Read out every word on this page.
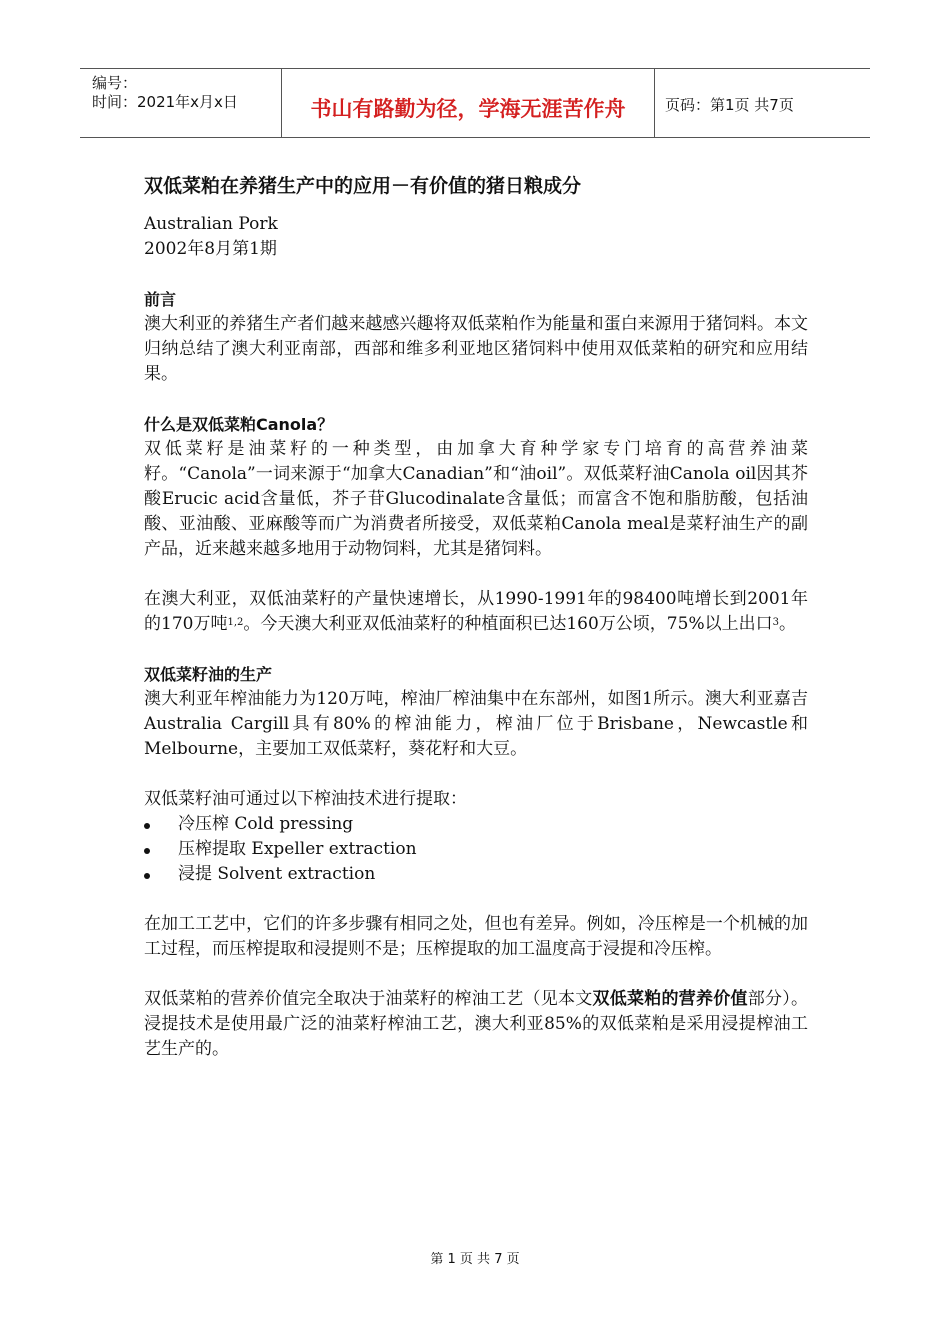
编号：
时间：2021年x月x日	书山有路勤为径，学海无涯苦作舟	页码：第1页 共7页
双低菜粕在养猪生产中的应用－有价值的猪日粮成分
Australian Pork
2002年8月第1期
前言
澳大利亚的养猪生产者们越来越感兴趣将双低菜粕作为能量和蛋白来源用于猪饲料。本文归纳总结了澳大利亚南部，西部和维多利亚地区猪饲料中使用双低菜粕的研究和应用结果。
什么是双低菜粕Canola？
双低菜籽是油菜籽的一种类型，由加拿大育种学家专门培育的高营养油菜籽。“Canola”一词来源于“加拿大Canadian”和“油oil”。双低菜籽油Canola oil因其芥酸Erucic acid含量低，芥子苷Glucodinalate含量低；而富含不饱和脂肪酸，包括油酸、亚油酸、亚麻酸等而广为消费者所接受，双低菜粕Canola meal是菜籽油生产的副产品，近来越来越多地用于动物饲料，尤其是猪饲料。
在澳大利亚，双低油菜籽的产量快速增长，从1990-1991年的98400吨增长到2001年的170万吨$^{1,2}$。今天澳大利亚双低油菜籽的种植面积已达160万公顷，75%以上出口$^3$。
双低菜籽油的生产
澳大利亚年榨油能力为120万吨，榨油厂榨油集中在东部州，如图1所示。澳大利亚嘉吉Australia Cargill具有80%的榨油能力，榨油厂位于Brisbane，Newcastle和Melbourne，主要加工双低菜籽，葵花籽和大豆。
双低菜籽油可通过以下榨油技术进行提取：
冷压榨 Cold pressing
压榨提取 Expeller extraction
浸提 Solvent extraction
在加工工艺中，它们的许多步骤有相同之处，但也有差异。例如，冷压榨是一个机械的加工过程，而压榨提取和浸提则不是；压榨提取的加工温度高于浸提和冷压榨。
双低菜粕的营养价值完全取决于油菜籽的榨油工艺（见本文双低菜粕的营养价值部分）。浸提技术是使用最广泛的油菜籽榨油工艺，澳大利亚85%的双低菜粕是采用浸提榨油工艺生产的。
第 1 页 共 7 页
